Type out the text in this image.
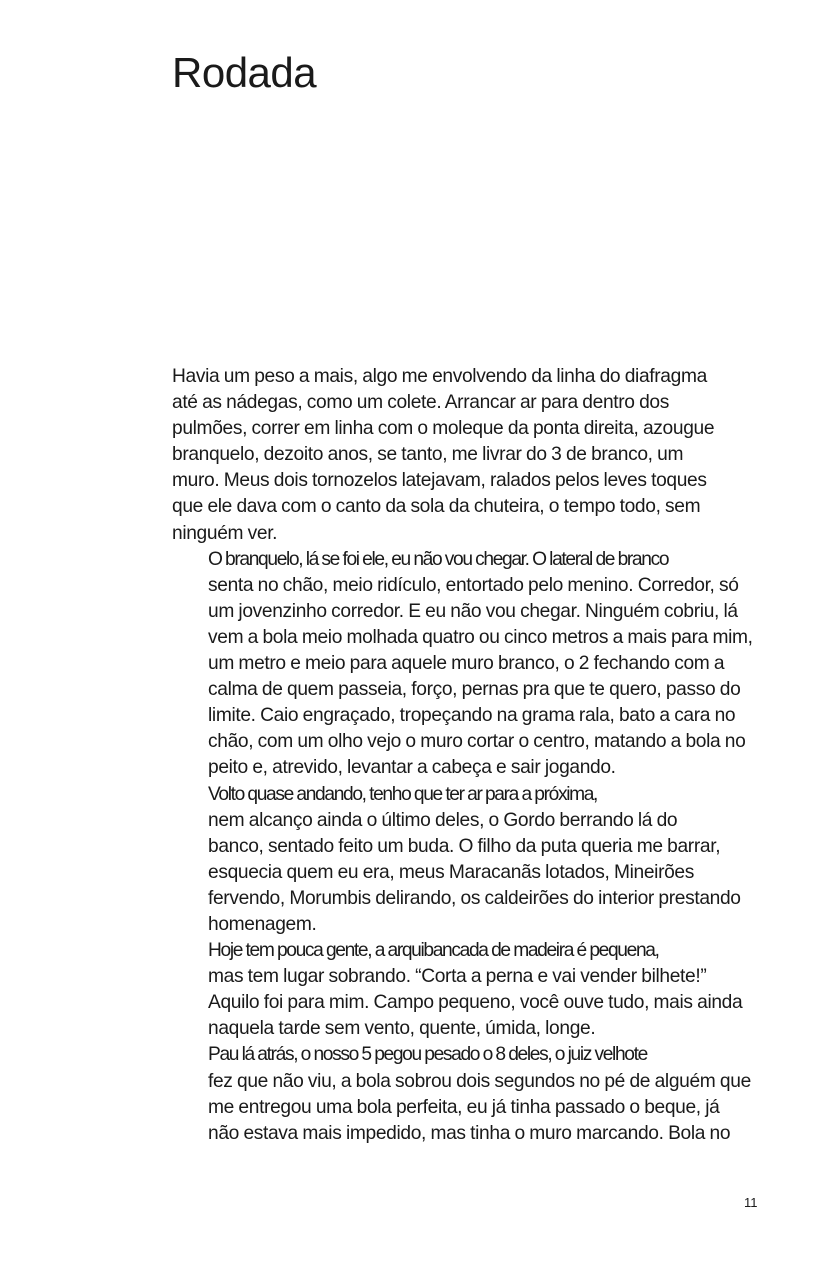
Rodada

Havia um peso a mais, algo me envolvendo da linha do diafragma
até as nádegas, como um colete. Arrancar ar para dentro dos
pulmões, correr em linha com o moleque da ponta direita, azougue
branquelo, dezoito anos, se tanto, me livrar do 3 de branco, um
muro. Meus dois tornozelos latejavam, ralados pelos leves toques
que ele dava com o canto da sola da chuteira, o tempo todo, sem
ninguém ver.

O branquelo, lá se foi ele, eu não vou chegar. O lateral de branco
senta no chão, meio ridículo, entortado pelo menino. Corredor, só
um jovenzinho corredor. E eu não vou chegar. Ninguém cobriu, lá
vem a bola meio molhada quatro ou cinco metros a mais para mim,
um metro e meio para aquele muro branco, o 2 fechando com a
calma de quem passeia, forço, pernas pra que te quero, passo do
limite. Caio engraçado, tropeçando na grama rala, bato a cara no
chão, com um olho vejo o muro cortar o centro, matando a bola no
peito e, atrevido, levantar a cabeça e sair jogando.

Volto quase andando, tenho que ter ar para a próxima,
nem alcanço ainda o último deles, o Gordo berrando lá do
banco, sentado feito um buda. O filho da puta queria me barrar,
esquecia quem eu era, meus Maracanãs lotados, Mineirões
fervendo, Morumbis delirando, os caldeirões do interior prestando
homenagem.

Hoje tem pouca gente, a arquibancada de madeira é pequena,
mas tem lugar sobrando. “Corta a perna e vai vender bilhete!”
Aquilo foi para mim. Campo pequeno, você ouve tudo, mais ainda
naquela tarde sem vento, quente, úmida, longe.

Pau lá atrás, o nosso 5 pegou pesado o 8 deles, o juiz velhote
fez que não viu, a bola sobrou dois segundos no pé de alguém que
me entregou uma bola perfeita, eu já tinha passado o beque, já
não estava mais impedido, mas tinha o muro marcando. Bola no

11
